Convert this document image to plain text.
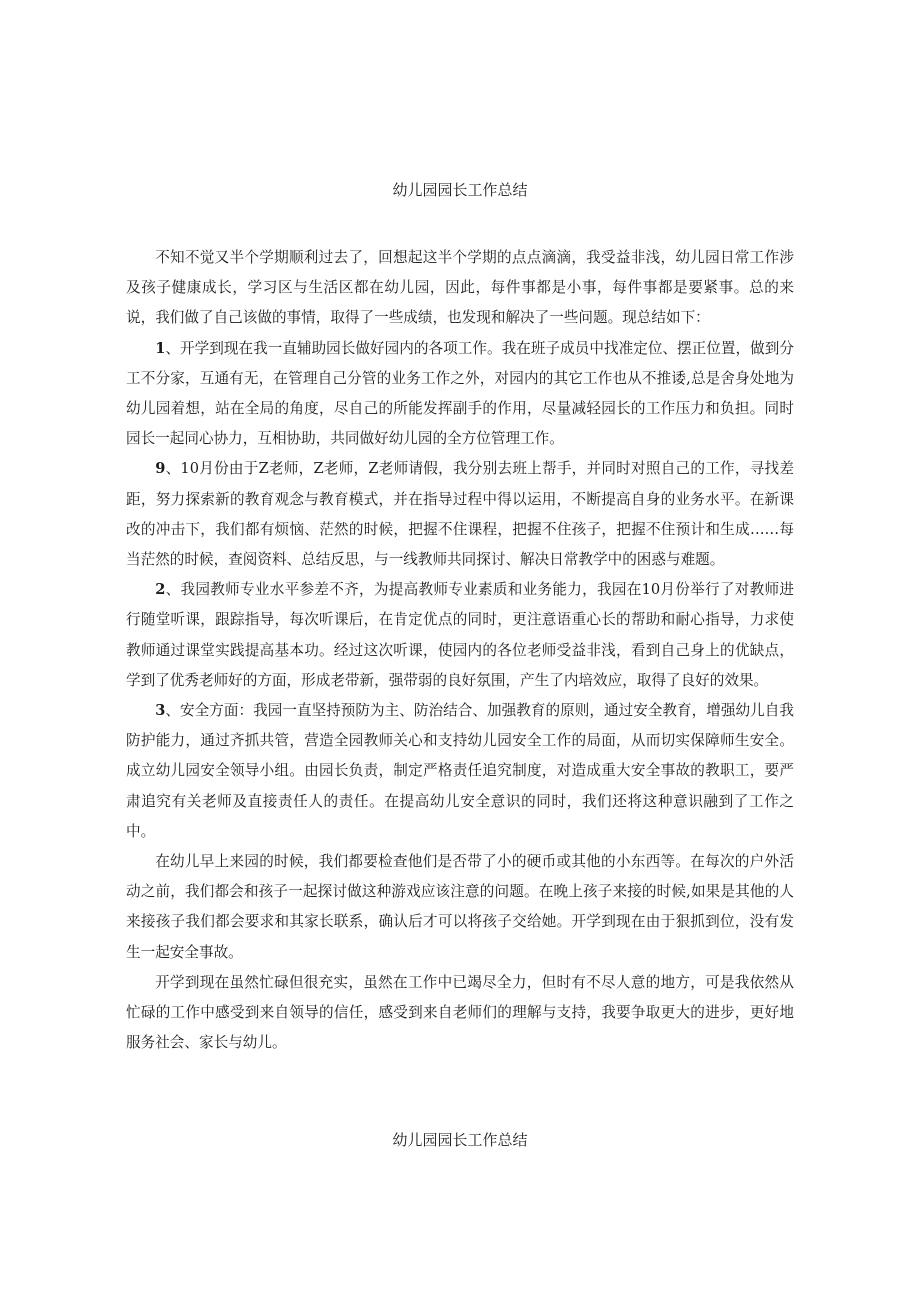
幼儿园园长工作总结

不知不觉又半个学期顺利过去了，回想起这半个学期的点点滴滴，我受益非浅，幼儿园日常工作涉及孩子健康成长，学习区与生活区都在幼儿园，因此，每件事都是小事，每件事都是要紧事。总的来说，我们做了自己该做的事情，取得了一些成绩，也发现和解决了一些问题。现总结如下：

1、开学到现在我一直辅助园长做好园内的各项工作。我在班子成员中找准定位、摆正位置，做到分工不分家，互通有无，在管理自己分管的业务工作之外，对园内的其它工作也从不推诿,总是舍身处地为幼儿园着想，站在全局的角度，尽自己的所能发挥副手的作用，尽量减轻园长的工作压力和负担。同时园长一起同心协力，互相协助，共同做好幼儿园的全方位管理工作。

9、10月份由于Z老师，Z老师，Z老师请假，我分别去班上帮手，并同时对照自己的工作，寻找差距，努力探索新的教育观念与教育模式，并在指导过程中得以运用，不断提高自身的业务水平。在新课改的冲击下，我们都有烦恼、茫然的时候，把握不住课程，把握不住孩子，把握不住预计和生成……每当茫然的时候，查阅资料、总结反思，与一线教师共同探讨、解决日常教学中的困惑与难题。

2、我园教师专业水平参差不齐，为提高教师专业素质和业务能力，我园在10月份举行了对教师进行随堂听课，跟踪指导，每次听课后，在肯定优点的同时，更注意语重心长的帮助和耐心指导，力求使教师通过课堂实践提高基本功。经过这次听课，使园内的各位老师受益非浅，看到自己身上的优缺点，学到了优秀老师好的方面，形成老带新，强带弱的良好氛围，产生了内培效应，取得了良好的效果。

3、安全方面：我园一直坚持预防为主、防治结合、加强教育的原则，通过安全教育，增强幼儿自我防护能力，通过齐抓共管，营造全园教师关心和支持幼儿园安全工作的局面，从而切实保障师生安全。成立幼儿园安全领导小组。由园长负责，制定严格责任追究制度，对造成重大安全事故的教职工，要严肃追究有关老师及直接责任人的责任。在提高幼儿安全意识的同时，我们还将这种意识融到了工作之中。

在幼儿早上来园的时候，我们都要检查他们是否带了小的硬币或其他的小东西等。在每次的户外活动之前，我们都会和孩子一起探讨做这种游戏应该注意的问题。在晚上孩子来接的时候,如果是其他的人来接孩子我们都会要求和其家长联系，确认后才可以将孩子交给她。开学到现在由于狠抓到位，没有发生一起安全事故。

开学到现在虽然忙碌但很充实，虽然在工作中已竭尽全力，但时有不尽人意的地方，可是我依然从忙碌的工作中感受到来自领导的信任，感受到来自老师们的理解与支持，我要争取更大的进步，更好地服务社会、家长与幼儿。

幼儿园园长工作总结
